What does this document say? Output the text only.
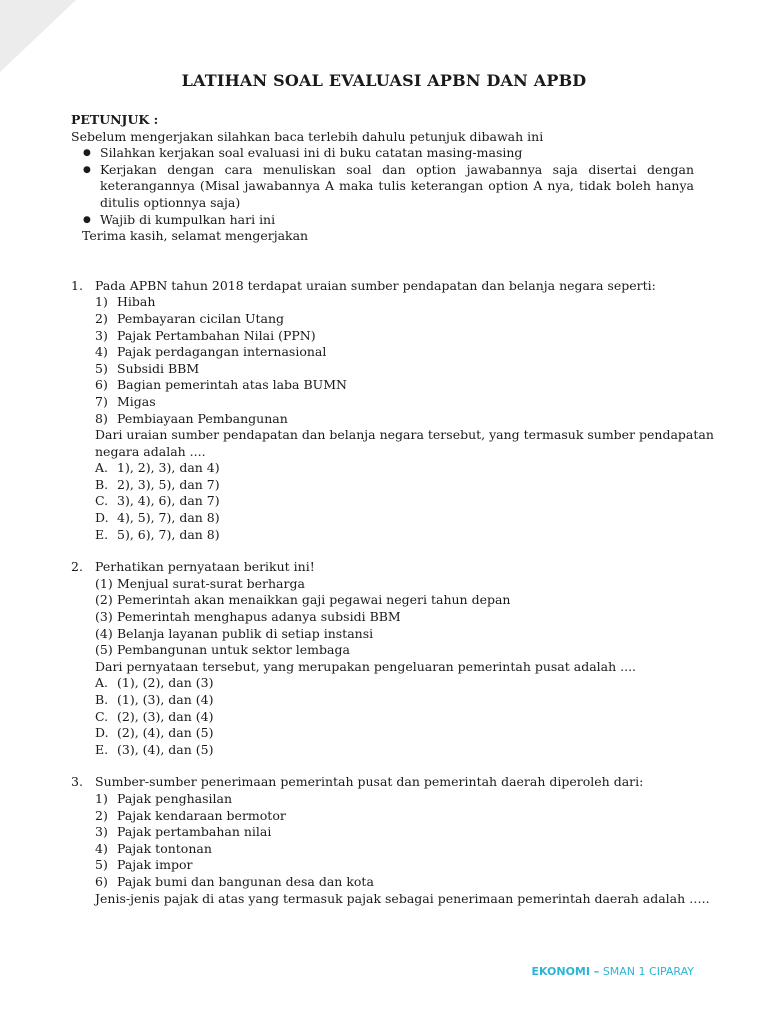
LATIHAN SOAL EVALUASI APBN DAN APBD
PETUNJUK :
Sebelum mengerjakan silahkan baca terlebih dahulu petunjuk dibawah ini
● Silahkan kerjakan soal evaluasi ini di buku catatan masing-masing
● Kerjakan dengan cara menuliskan soal dan option jawabannya saja disertai dengan keterangannya (Misal jawabannya A maka tulis keterangan option A nya, tidak boleh hanya ditulis optionnya saja)
● Wajib di kumpulkan hari ini
Terima kasih, selamat mengerjakan
1. Pada APBN tahun 2018 terdapat uraian sumber pendapatan dan belanja negara seperti:
1) Hibah
2) Pembayaran cicilan Utang
3) Pajak Pertambahan Nilai (PPN)
4) Pajak perdagangan internasional
5) Subsidi BBM
6) Bagian pemerintah atas laba BUMN
7) Migas
8) Pembiayaan Pembangunan
Dari uraian sumber pendapatan dan belanja negara tersebut, yang termasuk sumber pendapatan
negara adalah ....
A. 1), 2), 3), dan 4)
B. 2), 3), 5), dan 7)
C. 3), 4), 6), dan 7)
D. 4), 5), 7), dan 8)
E. 5), 6), 7), dan 8)
2. Perhatikan pernyataan berikut ini!
(1) Menjual surat-surat berharga
(2) Pemerintah akan menaikkan gaji pegawai negeri tahun depan
(3) Pemerintah menghapus adanya subsidi BBM
(4) Belanja layanan publik di setiap instansi
(5) Pembangunan untuk sektor lembaga
Dari pernyataan tersebut, yang merupakan pengeluaran pemerintah pusat adalah ....
A. (1), (2), dan (3)
B. (1), (3), dan (4)
C. (2), (3), dan (4)
D. (2), (4), dan (5)
E. (3), (4), dan (5)
3. Sumber-sumber penerimaan pemerintah pusat dan pemerintah daerah diperoleh dari:
1) Pajak penghasilan
2) Pajak kendaraan bermotor
3) Pajak pertambahan nilai
4) Pajak tontonan
5) Pajak impor
6) Pajak bumi dan bangunan desa dan kota
Jenis-jenis pajak di atas yang termasuk pajak sebagai penerimaan pemerintah daerah adalah …..
EKONOMI – SMAN 1 CIPARAY
